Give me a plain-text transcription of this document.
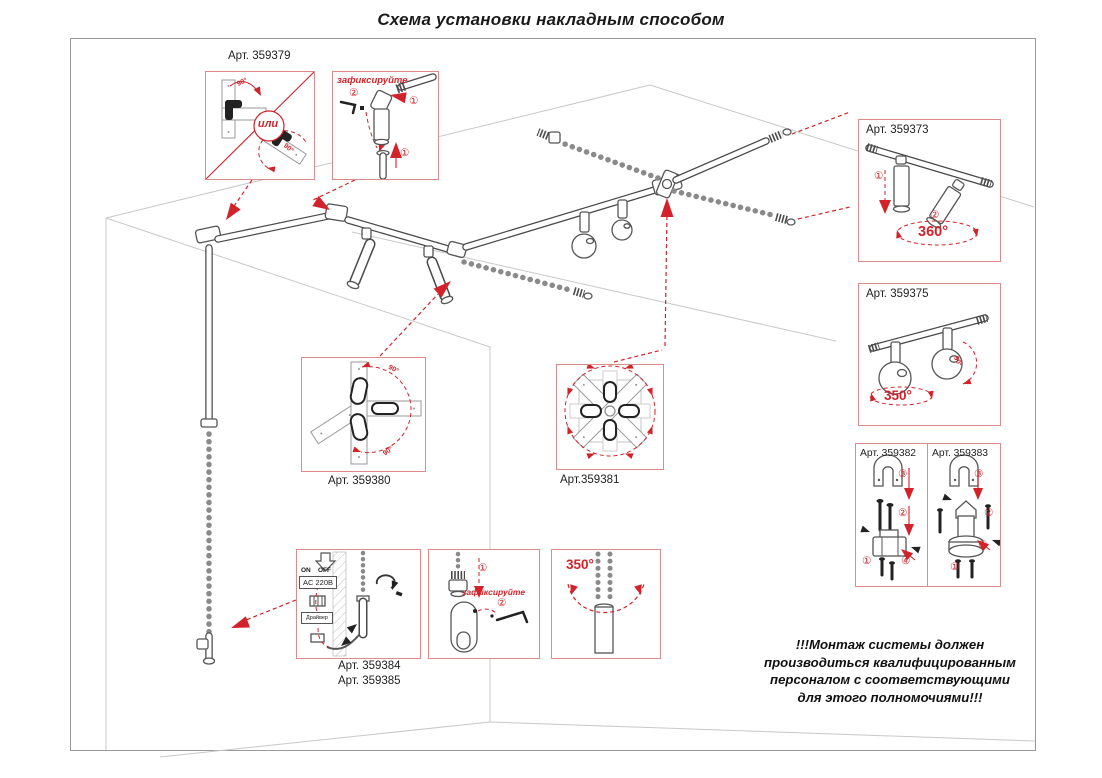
Схема установки накладным способом
Арт. 359379
или
90°
90°
зафиксируйте
②
①
①
Арт. 359373
①
②
360°
Арт. 359375
350°
90°
Арт. 359382
③
②
④
①
Арт. 359383
③
②
④
①
Арт. 359380
90°
90°
Арт.359381
ON OFF
AC 220В
Драйвер
Арт. 359384
Арт. 359385
①
зафиксируйте
②
350°
!!!Монтаж системы должен
производиться квалифицированным
персоналом с соответствующими
для этого полномочиями!!!
